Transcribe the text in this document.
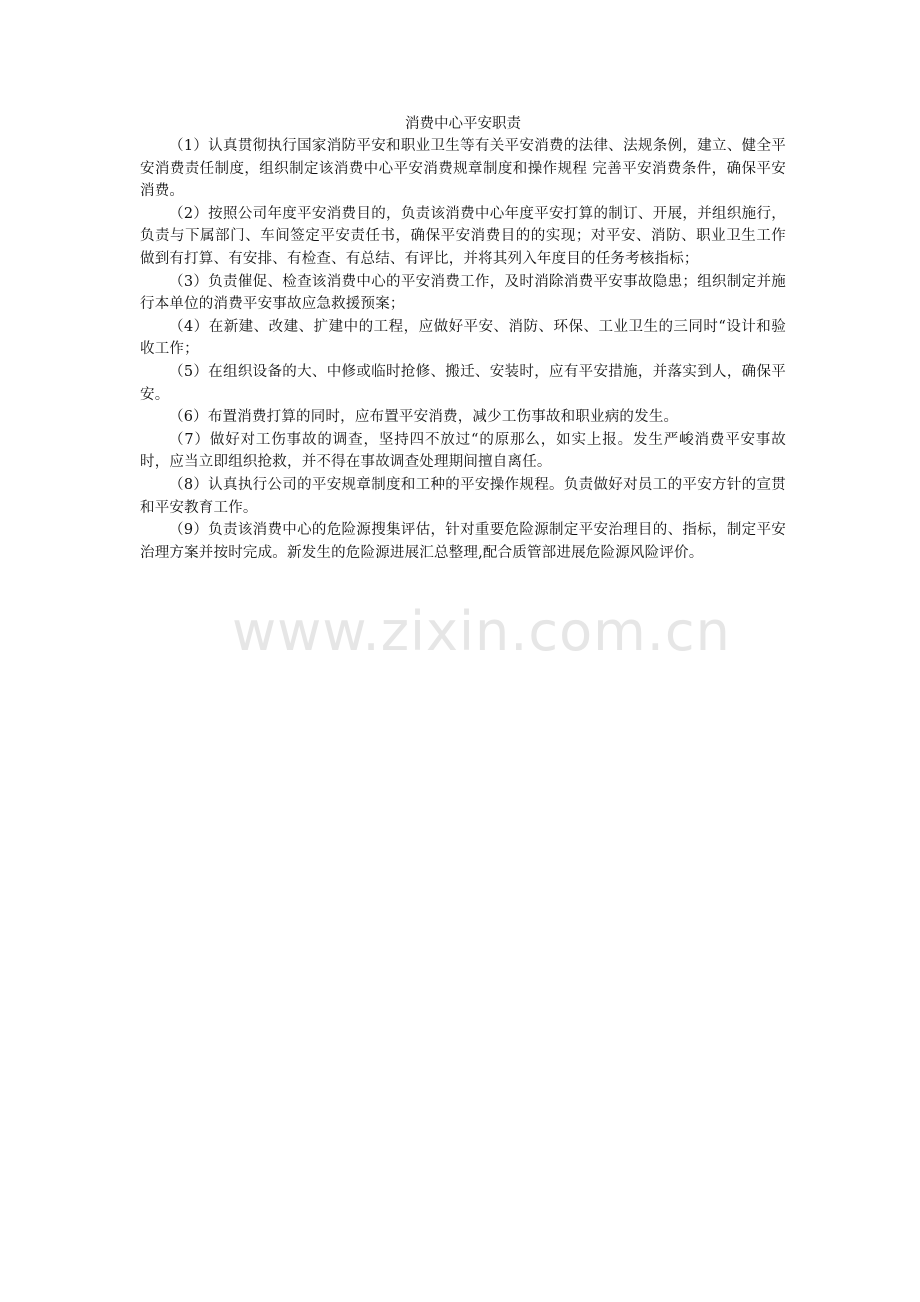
消费中心平安职责

（1）认真贯彻执行国家消防平安和职业卫生等有关平安消费的法律、法规条例，建立、健全平安消费责任制度，组织制定该消费中心平安消费规章制度和操作规程 完善平安消费条件，确保平安消费。

（2）按照公司年度平安消费目的，负责该消费中心年度平安打算的制订、开展，并组织施行，负责与下属部门、车间签定平安责任书，确保平安消费目的的实现；对平安、消防、职业卫生工作做到有打算、有安排、有检查、有总结、有评比，并将其列入年度目的任务考核指标；

（3）负责催促、检查该消费中心的平安消费工作，及时消除消费平安事故隐患；组织制定并施行本单位的消费平安事故应急救援预案；

（4）在新建、改建、扩建中的工程，应做好平安、消防、环保、工业卫生的三同时“设计和验收工作；

（5）在组织设备的大、中修或临时抢修、搬迁、安装时，应有平安措施，并落实到人，确保平安。

（6）布置消费打算的同时，应布置平安消费，减少工伤事故和职业病的发生。

（7）做好对工伤事故的调查，坚持四不放过“的原那么，如实上报。发生严峻消费平安事故时，应当立即组织抢救，并不得在事故调查处理期间擅自离任。

（8）认真执行公司的平安规章制度和工种的平安操作规程。负责做好对员工的平安方针的宣贯和平安教育工作。

（9）负责该消费中心的危险源搜集评估，针对重要危险源制定平安治理目的、指标，制定平安治理方案并按时完成。新发生的危险源进展汇总整理,配合质管部进展危险源风险评价。

www.zixin.com.cn
